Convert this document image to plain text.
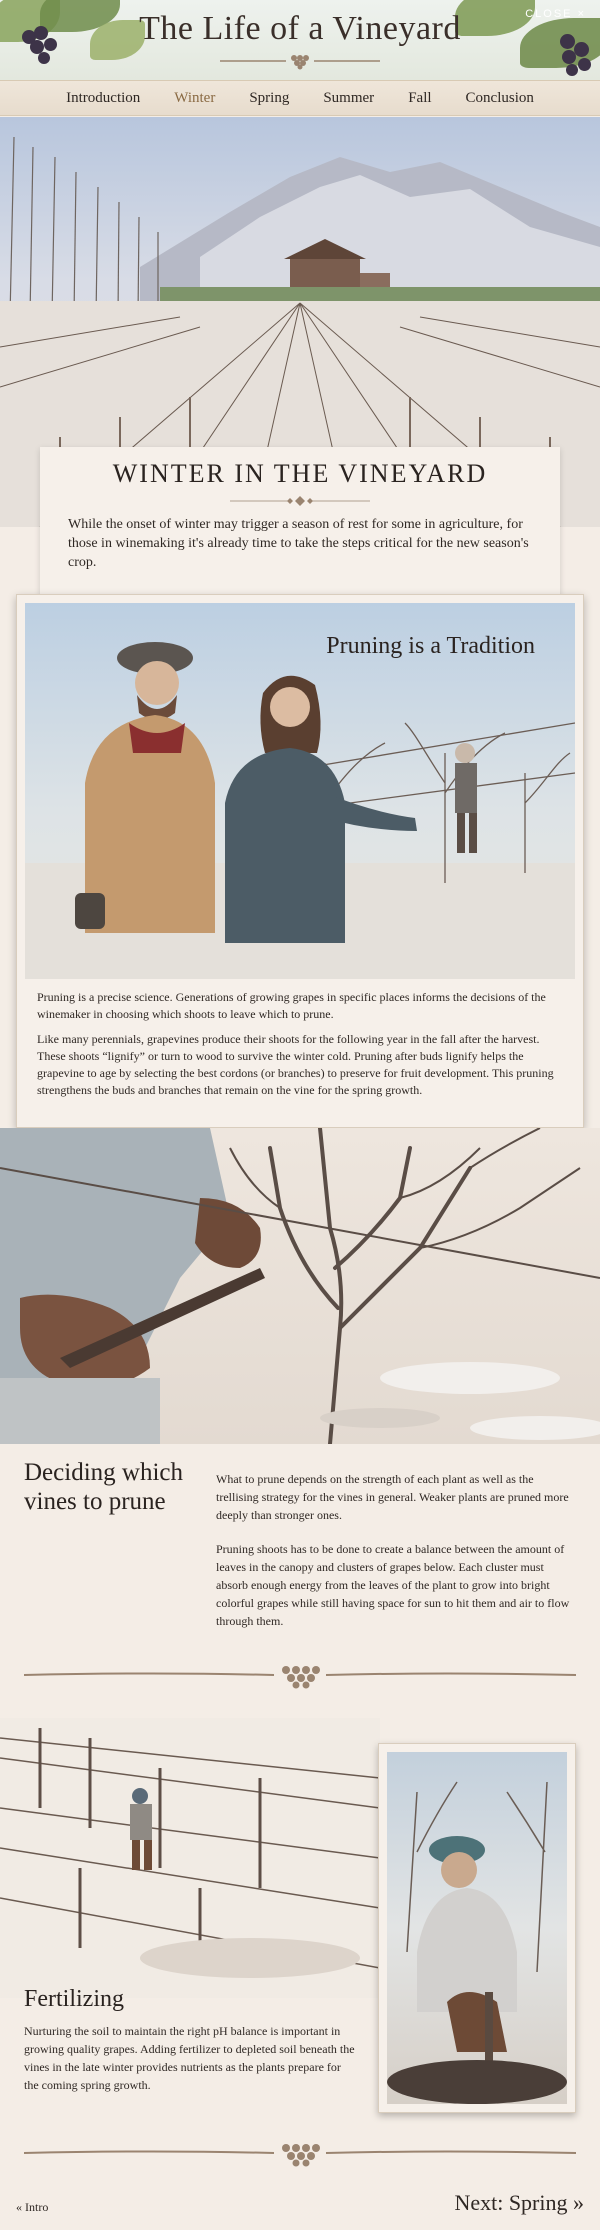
The Life of a Vineyard	CLOSE ×
Introduction	Winter	Spring	Summer	Fall	Conclusion
WINTER IN THE VINEYARD
While the onset of winter may trigger a season of rest for some in agriculture, for those in winemaking it's already time to take the steps critical for the new season's crop.
Pruning is a Tradition

Pruning is a precise science. Generations of growing grapes in specific places informs the decisions of the winemaker in choosing which shoots to leave which to prune.

Like many perennials, grapevines produce their shoots for the following year in the fall after the harvest. These shoots “lignify” or turn to wood to survive the winter cold. Pruning after buds lignify helps the grapevine to age by selecting the best cordons (or branches) to preserve for fruit development. This pruning strengthens the buds and branches that remain on the vine for the spring growth.

Deciding which vines to prune

What to prune depends on the strength of each plant as well as the trellising strategy for the vines in general. Weaker plants are pruned more deeply than stronger ones.

Pruning shoots has to be done to create a balance between the amount of leaves in the canopy and clusters of grapes below. Each cluster must absorb enough energy from the leaves of the plant to grow into bright colorful grapes while still having space for sun to hit them and air to flow through them.

Fertilizing
Nurturing the soil to maintain the right pH balance is important in growing quality grapes. Adding fertilizer to depleted soil beneath the vines in the late winter provides nutrients as the plants prepare for the coming spring growth.
« Intro	Next: Spring »
